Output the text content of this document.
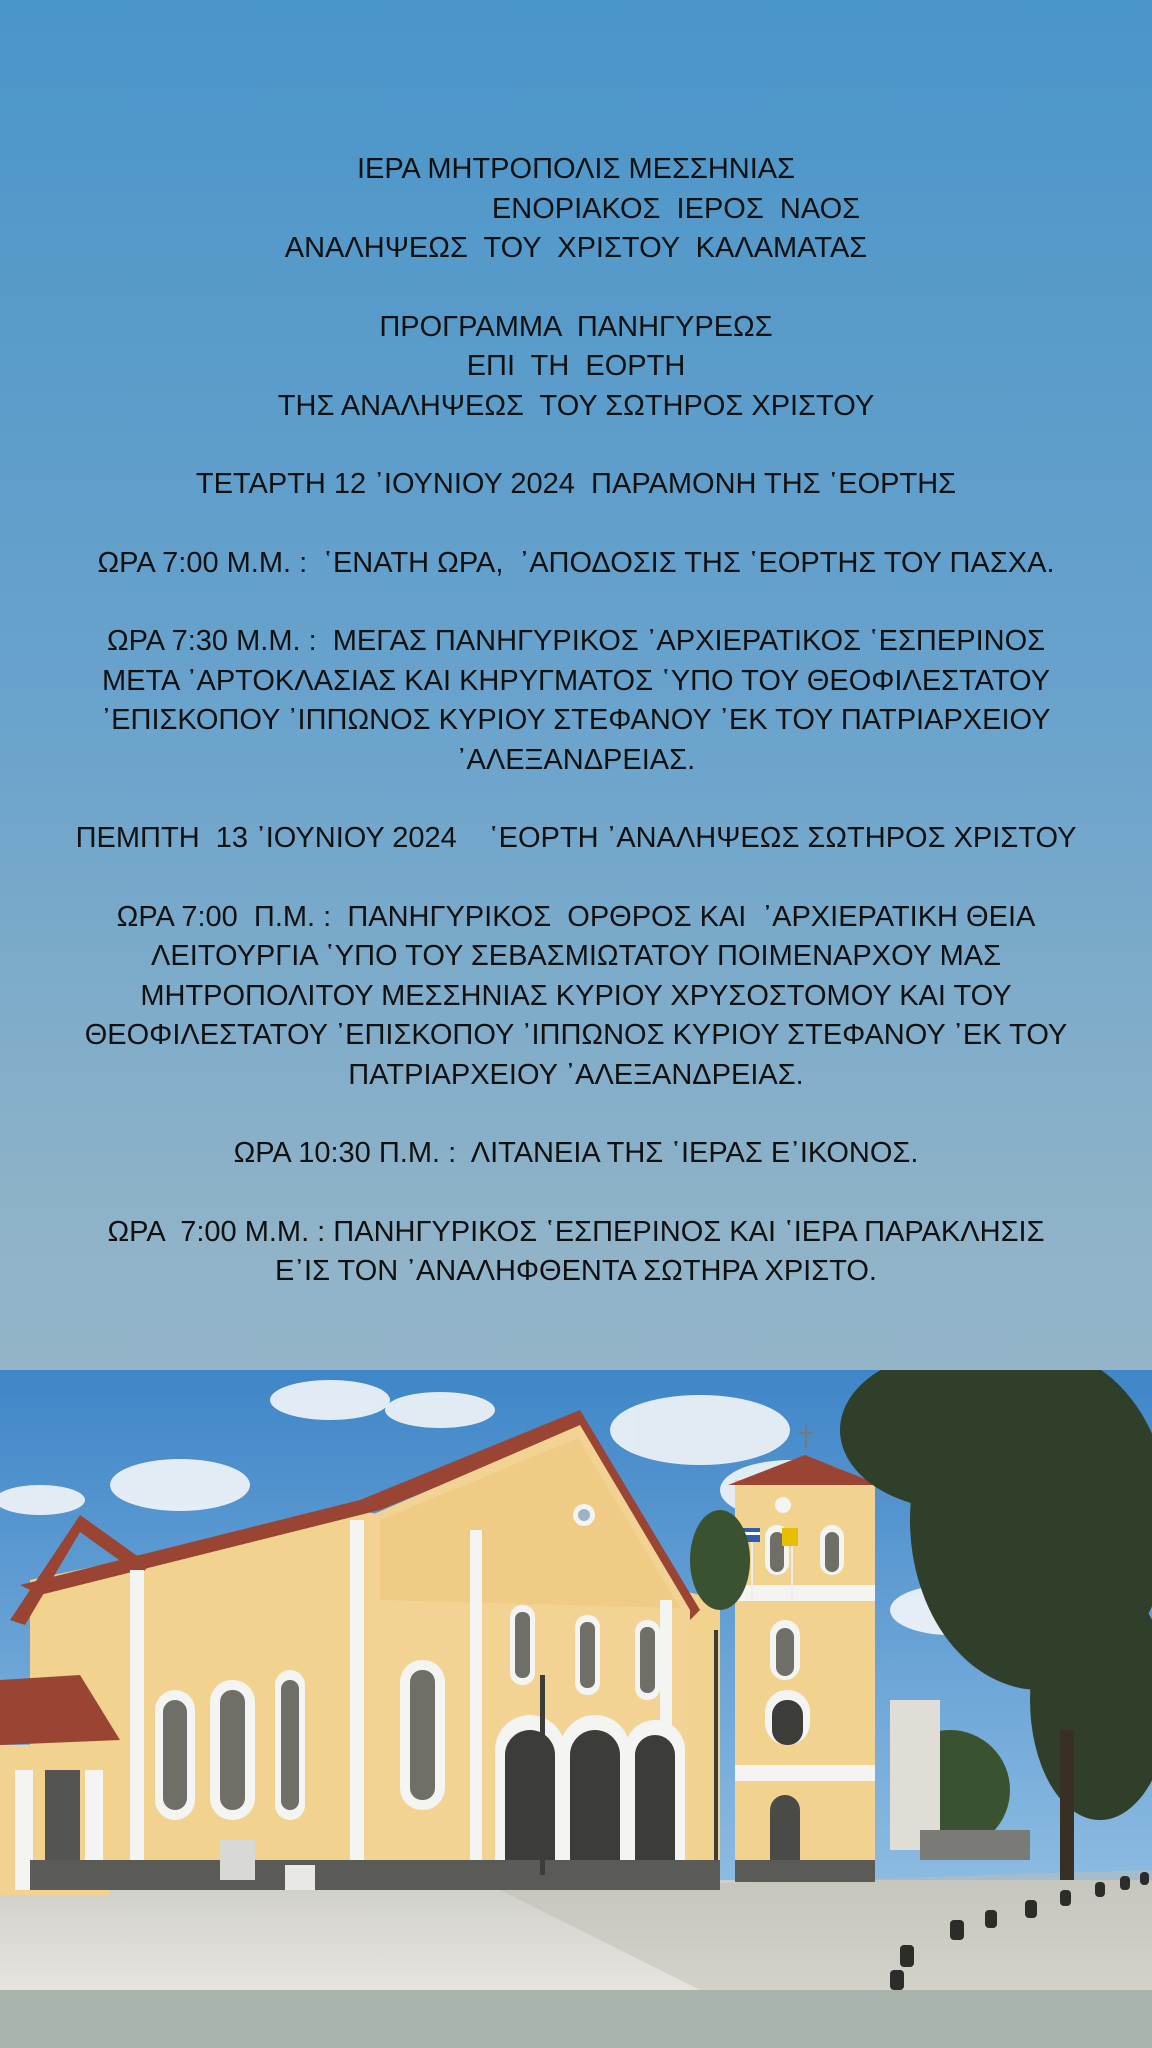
ΙΕΡΑ ΜΗΤΡΟΠΟΛΙΣ ΜΕΣΣΗΝΙΑΣ

ΕΝΟΡΙΑΚΟΣ  ΙΕΡΟΣ  ΝΑΟΣ

ΑΝΑΛΗΨΕΩΣ  ΤΟΥ  ΧΡΙΣΤΟΥ  ΚΑΛΑΜΑΤΑΣ

ΠΡΟΓΡΑΜΜΑ  ΠΑΝΗΓΥΡΕΩΣ

ΕΠΙ  ΤΗ  ΕΟΡΤΗ

ΤΗΣ ΑΝΑΛΗΨΕΩΣ  ΤΟΥ ΣΩΤΗΡΟΣ ΧΡΙΣΤΟΥ

ΤΕΤΑΡΤΗ 12 ᾿ΙΟΥΝΙΟΥ 2024  ΠΑΡΑΜΟΝΗ ΤΗΣ ῾ΕΟΡΤΗΣ

ΩΡΑ 7:00 Μ.Μ. :  ῾ΕΝΑΤΗ ΩΡΑ,  ᾿ΑΠΟΔΟΣΙΣ ΤΗΣ ῾ΕΟΡΤΗΣ ΤΟΥ ΠΑΣΧΑ.

ΩΡΑ 7:30 Μ.Μ. :  ΜΕΓΑΣ ΠΑΝΗΓΥΡΙΚΟΣ ᾿ΑΡΧΙΕΡΑΤΙΚΟΣ ῾ΕΣΠΕΡΙΝΟΣ

ΜΕΤΑ ᾿ΑΡΤΟΚΛΑΣΙΑΣ ΚΑΙ ΚΗΡΥΓΜΑΤΟΣ ῾ΥΠΟ ΤΟΥ ΘΕΟΦΙΛΕΣΤΑΤΟΥ

᾿ΕΠΙΣΚΟΠΟΥ ᾿ΙΠΠΩΝΟΣ ΚΥΡΙΟΥ ΣΤΕΦΑΝΟΥ ᾿ΕΚ ΤΟΥ ΠΑΤΡΙΑΡΧΕΙΟΥ

᾿ΑΛΕΞΑΝΔΡΕΙΑΣ.

ΠΕΜΠΤΗ  13 ᾿ΙΟΥΝΙΟΥ 2024    ῾ΕΟΡΤΗ ᾿ΑΝΑΛΗΨΕΩΣ ΣΩΤΗΡΟΣ ΧΡΙΣΤΟΥ

ΩΡΑ 7:00  Π.Μ. :  ΠΑΝΗΓΥΡΙΚΟΣ  ΟΡΘΡΟΣ ΚΑΙ  ᾿ΑΡΧΙΕΡΑΤΙΚΗ ΘΕΙΑ

ΛΕΙΤΟΥΡΓΙΑ ῾ΥΠΟ ΤΟΥ ΣΕΒΑΣΜΙΩΤΑΤΟΥ ΠΟΙΜΕΝΑΡΧΟΥ ΜΑΣ

ΜΗΤΡΟΠΟΛΙΤΟΥ ΜΕΣΣΗΝΙΑΣ ΚΥΡΙΟΥ ΧΡΥΣΟΣΤΟΜΟΥ ΚΑΙ ΤΟΥ

ΘΕΟΦΙΛΕΣΤΑΤΟΥ ᾿ΕΠΙΣΚΟΠΟΥ ᾿ΙΠΠΩΝΟΣ ΚΥΡΙΟΥ ΣΤΕΦΑΝΟΥ ᾿ΕΚ ΤΟΥ

ΠΑΤΡΙΑΡΧΕΙΟΥ ᾿ΑΛΕΞΑΝΔΡΕΙΑΣ.

ΩΡΑ 10:30 Π.Μ. :  ΛΙΤΑΝΕΙΑ ΤΗΣ ῾ΙΕΡΑΣ Ε᾿ΙΚΟΝΟΣ.

ΩΡΑ  7:00 Μ.Μ. : ΠΑΝΗΓΥΡΙΚΟΣ ῾ΕΣΠΕΡΙΝΟΣ ΚΑΙ ῾ΙΕΡΑ ΠΑΡΑΚΛΗΣΙΣ

Ε᾿ΙΣ ΤΟΝ ᾿ΑΝΑΛΗΦΘΕΝΤΑ ΣΩΤΗΡΑ ΧΡΙΣΤΟ.
